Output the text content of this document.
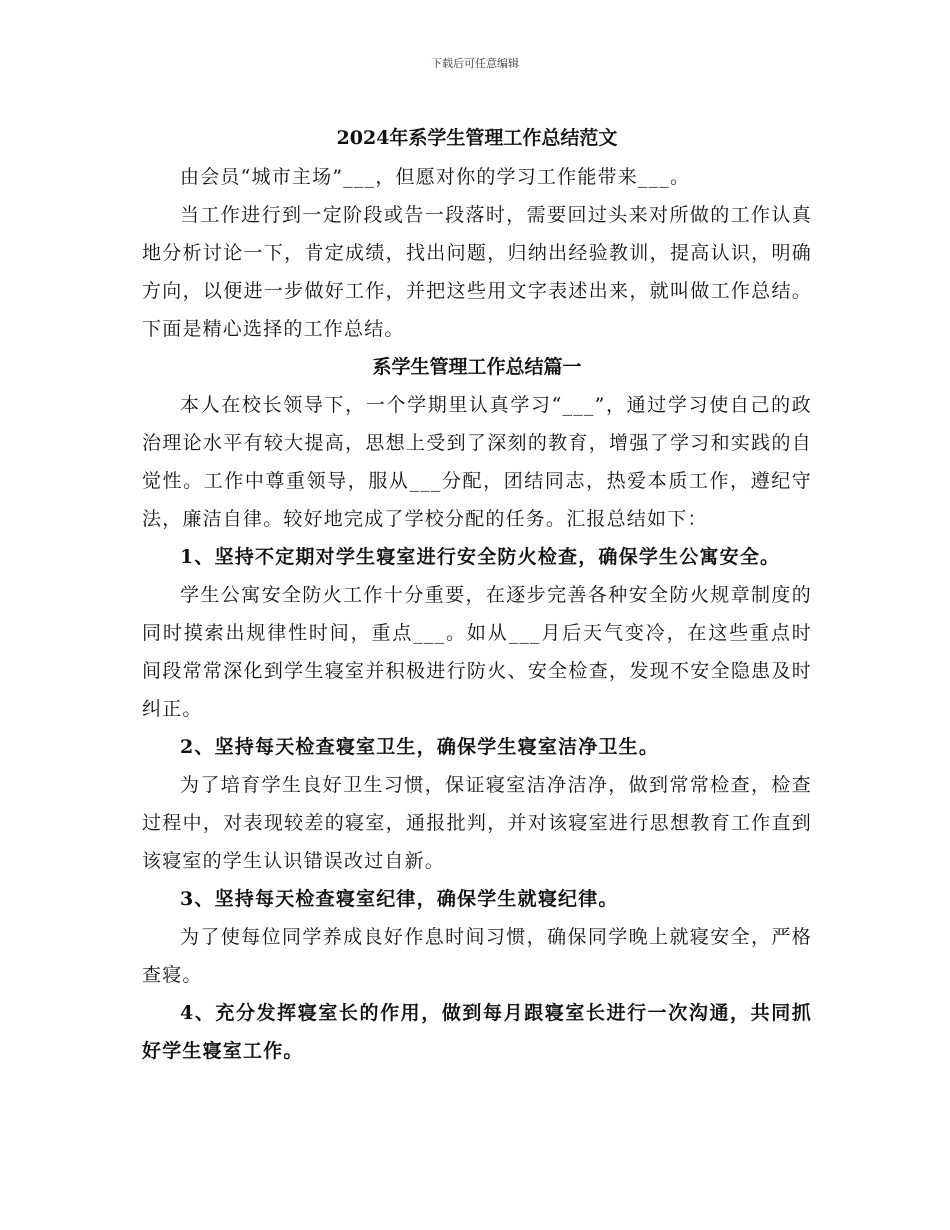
下载后可任意编辑
2024年系学生管理工作总结范文

由会员“城市主场”___，但愿对你的学习工作能带来___。

当工作进行到一定阶段或告一段落时，需要回过头来对所做的工作认真地分析讨论一下，肯定成绩，找出问题，归纳出经验教训，提高认识，明确方向，以便进一步做好工作，并把这些用文字表述出来，就叫做工作总结。下面是精心选择的工作总结。

系学生管理工作总结篇一

本人在校长领导下，一个学期里认真学习“___”，通过学习使自己的政治理论水平有较大提高，思想上受到了深刻的教育，增强了学习和实践的自觉性。工作中尊重领导，服从___分配，团结同志，热爱本质工作，遵纪守法，廉洁自律。较好地完成了学校分配的任务。汇报总结如下：

1、坚持不定期对学生寝室进行安全防火检查，确保学生公寓安全。

学生公寓安全防火工作十分重要，在逐步完善各种安全防火规章制度的同时摸索出规律性时间，重点___。如从___月后天气变冷，在这些重点时间段常常深化到学生寝室并积极进行防火、安全检查，发现不安全隐患及时纠正。

2、坚持每天检查寝室卫生，确保学生寝室洁净卫生。

为了培育学生良好卫生习惯，保证寝室洁净洁净，做到常常检查，检查过程中，对表现较差的寝室，通报批判，并对该寝室进行思想教育工作直到该寝室的学生认识错误改过自新。

3、坚持每天检查寝室纪律，确保学生就寝纪律。

为了使每位同学养成良好作息时间习惯，确保同学晚上就寝安全，严格查寝。

4、充分发挥寝室长的作用，做到每月跟寝室长进行一次沟通，共同抓好学生寝室工作。
